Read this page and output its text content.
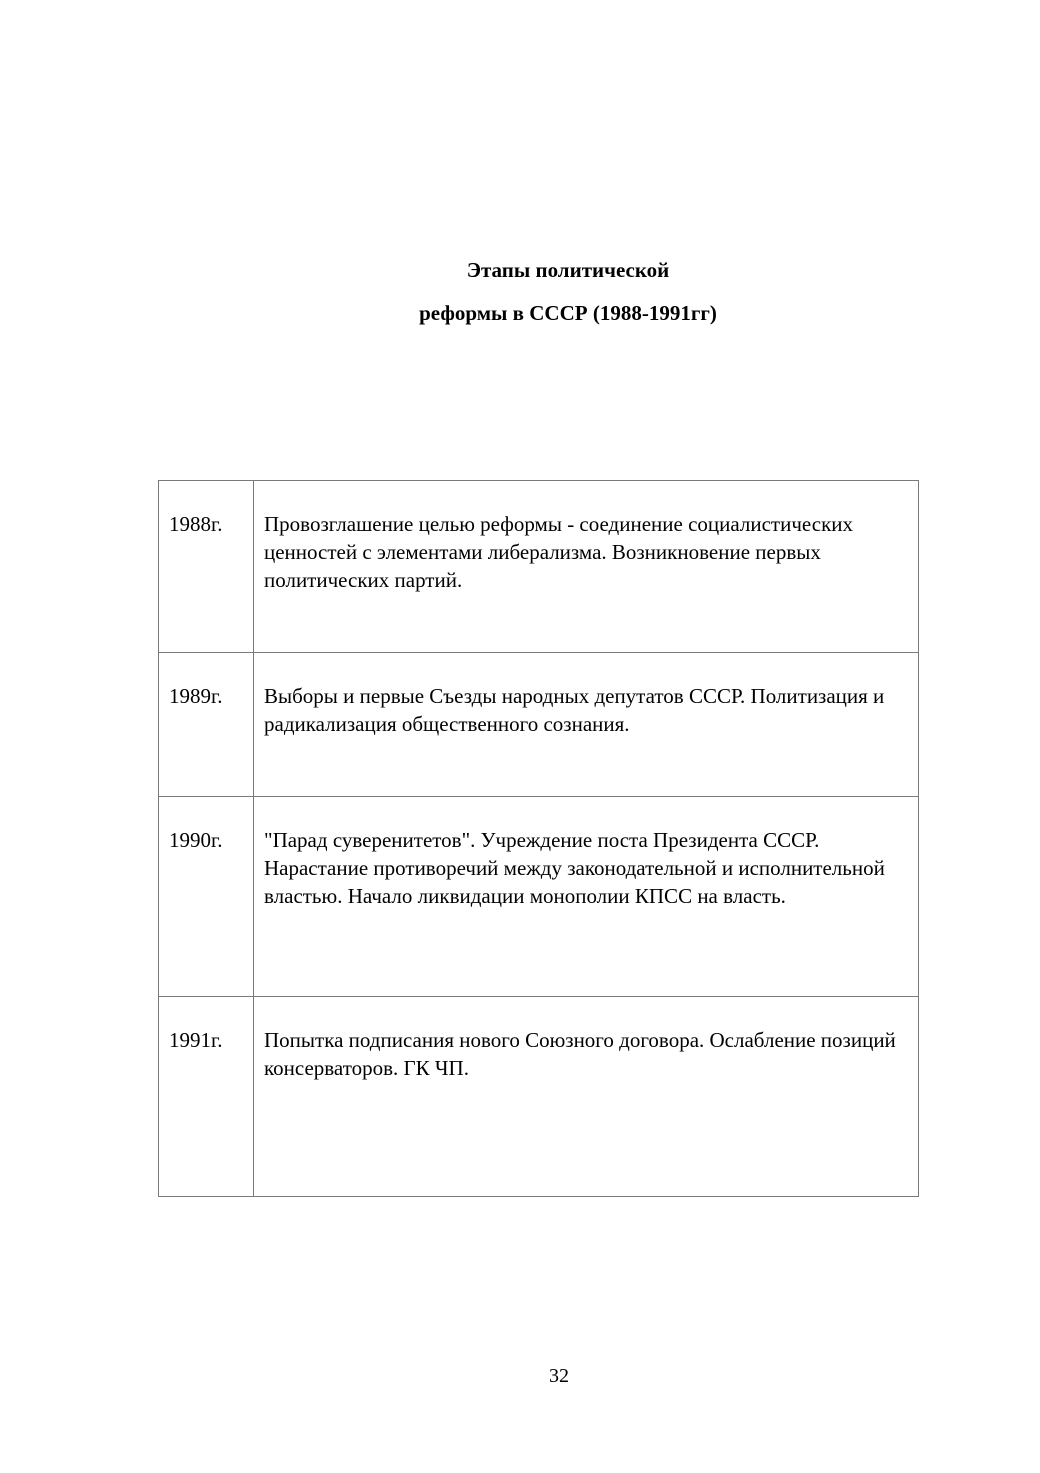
Этапы политической
реформы в СССР (1988-1991гг)
1988г.	Провозглашение целью реформы - соединение социалистических ценностей с элементами либерализма. Возникновение первых политических партий.
1989г.	Выборы и первые Съезды народных депутатов СССР. Политизация и радикализация общественного сознания.
1990г.	"Парад суверенитетов". Учреждение поста Президента СССР. Нарастание противоречий между законодательной и исполнительной властью. Начало ликвидации монополии КПСС на власть.
1991г.	Попытка подписания нового Союзного договора. Ослабление позиций консерваторов. ГК ЧП.
32
